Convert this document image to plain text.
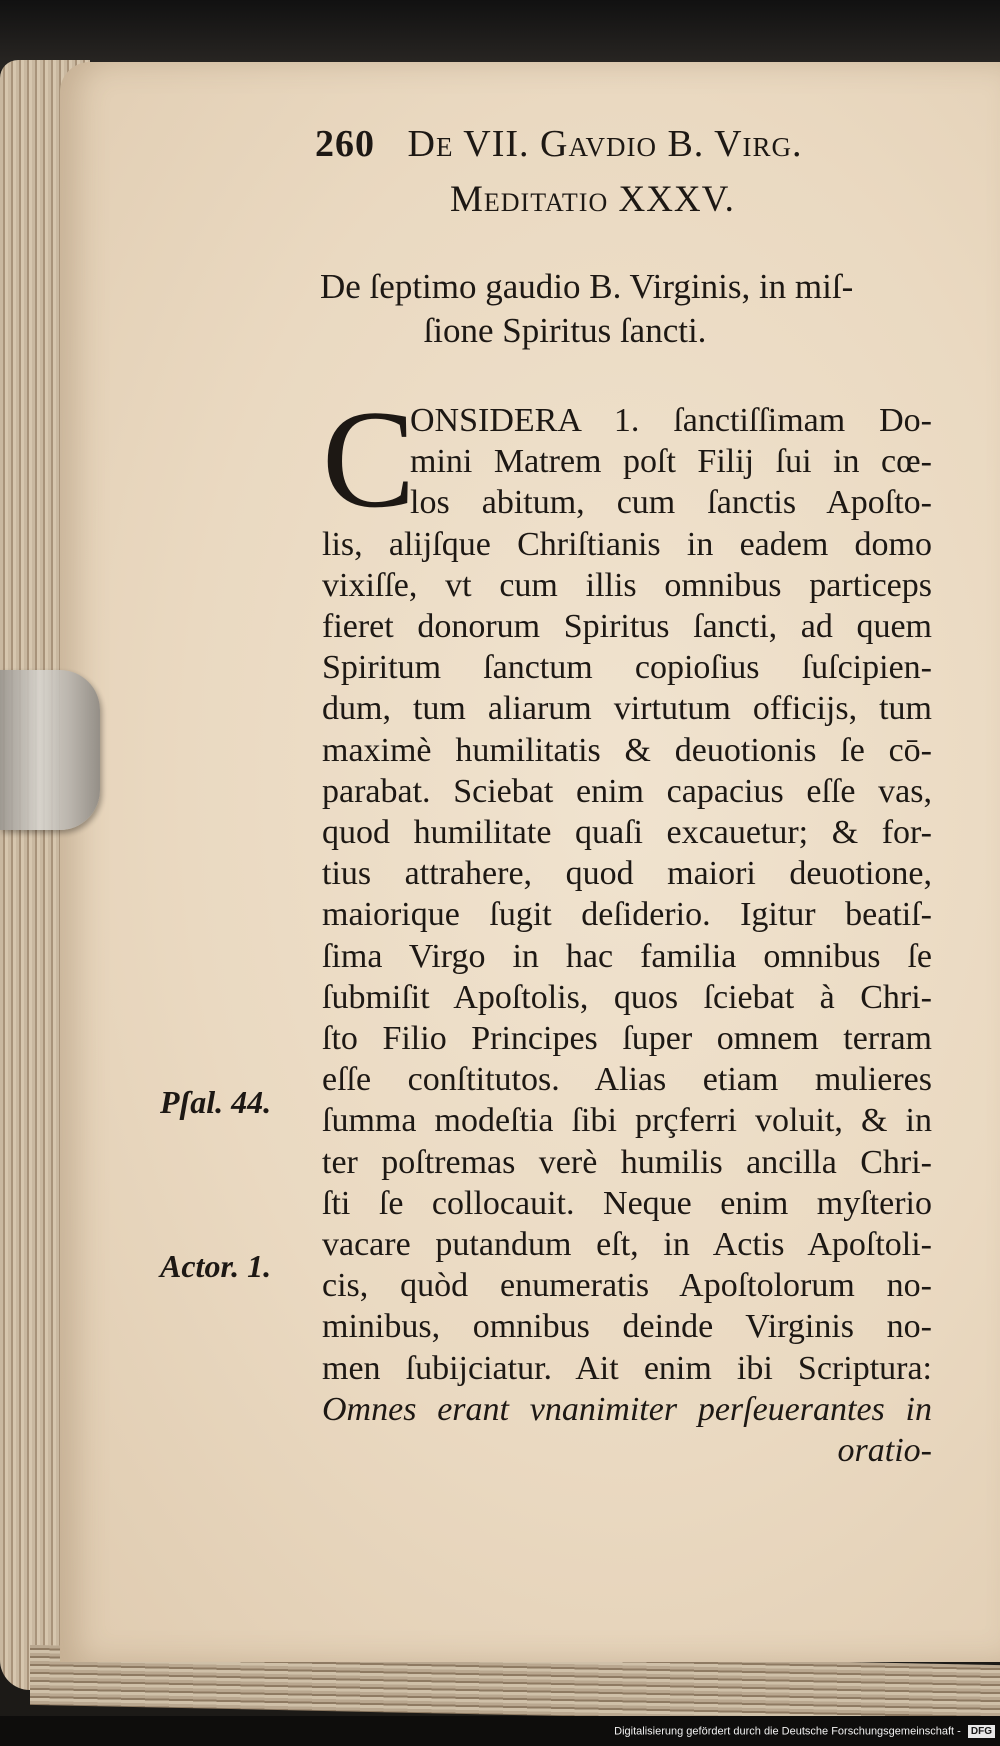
260 De VII. Gavdio B. Virg.
Meditatio XXXV.
De ſeptimo gaudio B. Virginis, in miſ-
ſione Spiritus ſancti.
C
ONSIDERA 1. ſanctiſſimam Do-
mini Matrem poſt Filij ſui in cœ-
los abitum, cum ſanctis Apoſto-
lis, alijſque Chriſtianis in eadem domo
vixiſſe, vt cum illis omnibus particeps
fieret donorum Spiritus ſancti, ad quem
Spiritum ſanctum copioſius ſuſcipien-
dum, tum aliarum virtutum officijs, tum
maximè humilitatis & deuotionis ſe cō-
parabat. Sciebat enim capacius eſſe vas,
quod humilitate quaſi excauetur; & for-
tius attrahere, quod maiori deuotione,
maiorique ſugit deſiderio. Igitur beatiſ-
ſima Virgo in hac familia omnibus ſe
ſubmiſit Apoſtolis, quos ſciebat à Chri-
ſto Filio Principes ſuper omnem terram
eſſe conſtitutos. Alias etiam mulieres
ſumma modeſtia ſibi prçferri voluit, & in
ter poſtremas verè humilis ancilla Chri-
ſti ſe collocauit. Neque enim myſterio
vacare putandum eſt, in Actis Apoſtoli-
cis, quòd enumeratis Apoſtolorum no-
minibus, omnibus deinde Virginis no-
men ſubijciatur. Ait enim ibi Scriptura:
Omnes erant vnanimiter perſeuerantes in
oratio-
Pſal. 44.
Actor. 1.
Digitalisierung gefördert durch die Deutsche Forschungsgemeinschaft - DFG
